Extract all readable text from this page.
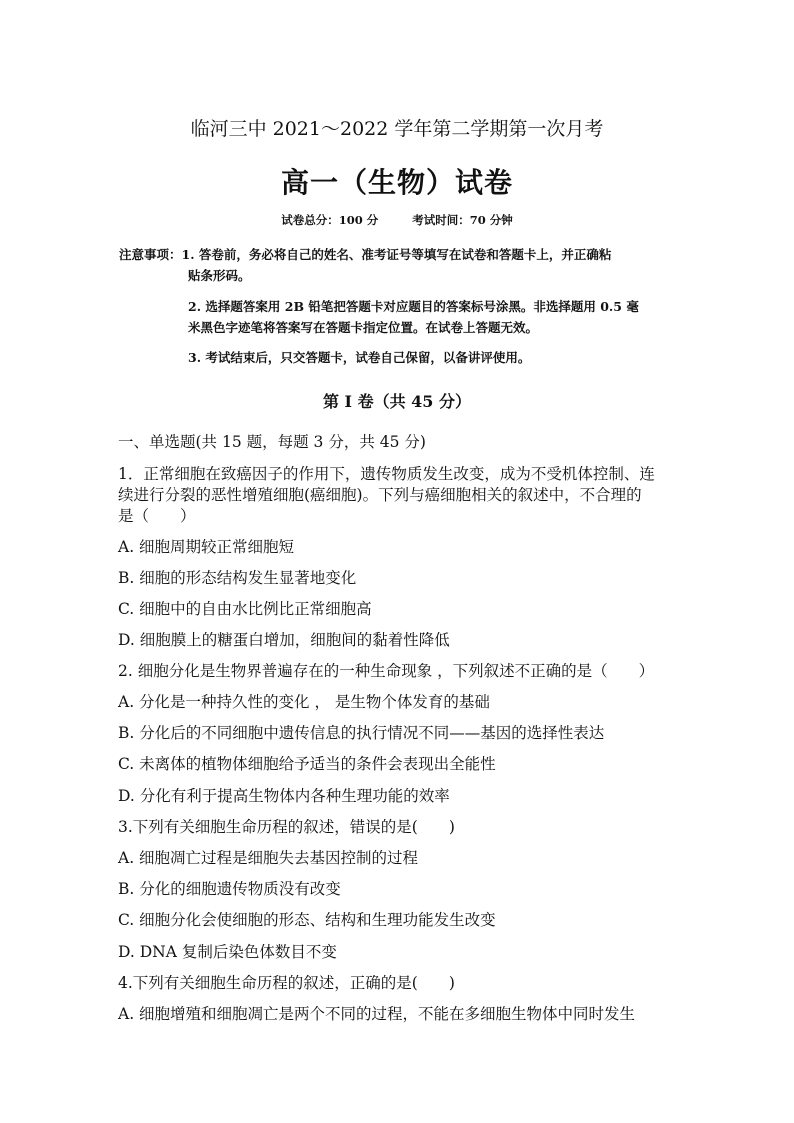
临河三中 2021～2022 学年第二学期第一次月考
高一（生物）试卷
试卷总分：100 分	考试时间：70 分钟
注意事项：1. 答卷前，务必将自己的姓名、准考证号等填写在试卷和答题卡上，并正确粘
贴条形码。
2. 选择题答案用 2B 铅笔把答题卡对应题目的答案标号涂黑。非选择题用 0.5 毫
米黑色字迹笔将答案写在答题卡指定位置。在试卷上答题无效。
3. 考试结束后，只交答题卡，试卷自己保留，以备讲评使用。
第 I 卷（共 45 分）
一、单选题(共 15 题，每题 3 分，共 45 分)
1．正常细胞在致癌因子的作用下，遗传物质发生改变，成为不受机体控制、连
续进行分裂的恶性增殖细胞(癌细胞)。下列与癌细胞相关的叙述中，不合理的
是（　　）
A. 细胞周期较正常细胞短
B. 细胞的形态结构发生显著地变化
C. 细胞中的自由水比例比正常细胞高
D. 细胞膜上的糖蛋白增加，细胞间的黏着性降低
2. 细胞分化是生物界普遍存在的一种生命现象 ，下列叙述不正确的是（　　）
A. 分化是一种持久性的变化 ， 是生物个体发育的基础
B. 分化后的不同细胞中遗传信息的执行情况不同——基因的选择性表达
C. 未离体的植物体细胞给予适当的条件会表现出全能性
D. 分化有利于提高生物体内各种生理功能的效率
3.下列有关细胞生命历程的叙述，错误的是(　　)
A. 细胞凋亡过程是细胞失去基因控制的过程
B. 分化的细胞遗传物质没有改变
C. 细胞分化会使细胞的形态、结构和生理功能发生改变
D. DNA 复制后染色体数目不变
4.下列有关细胞生命历程的叙述，正确的是(　　)
A. 细胞增殖和细胞凋亡是两个不同的过程，不能在多细胞生物体中同时发生
